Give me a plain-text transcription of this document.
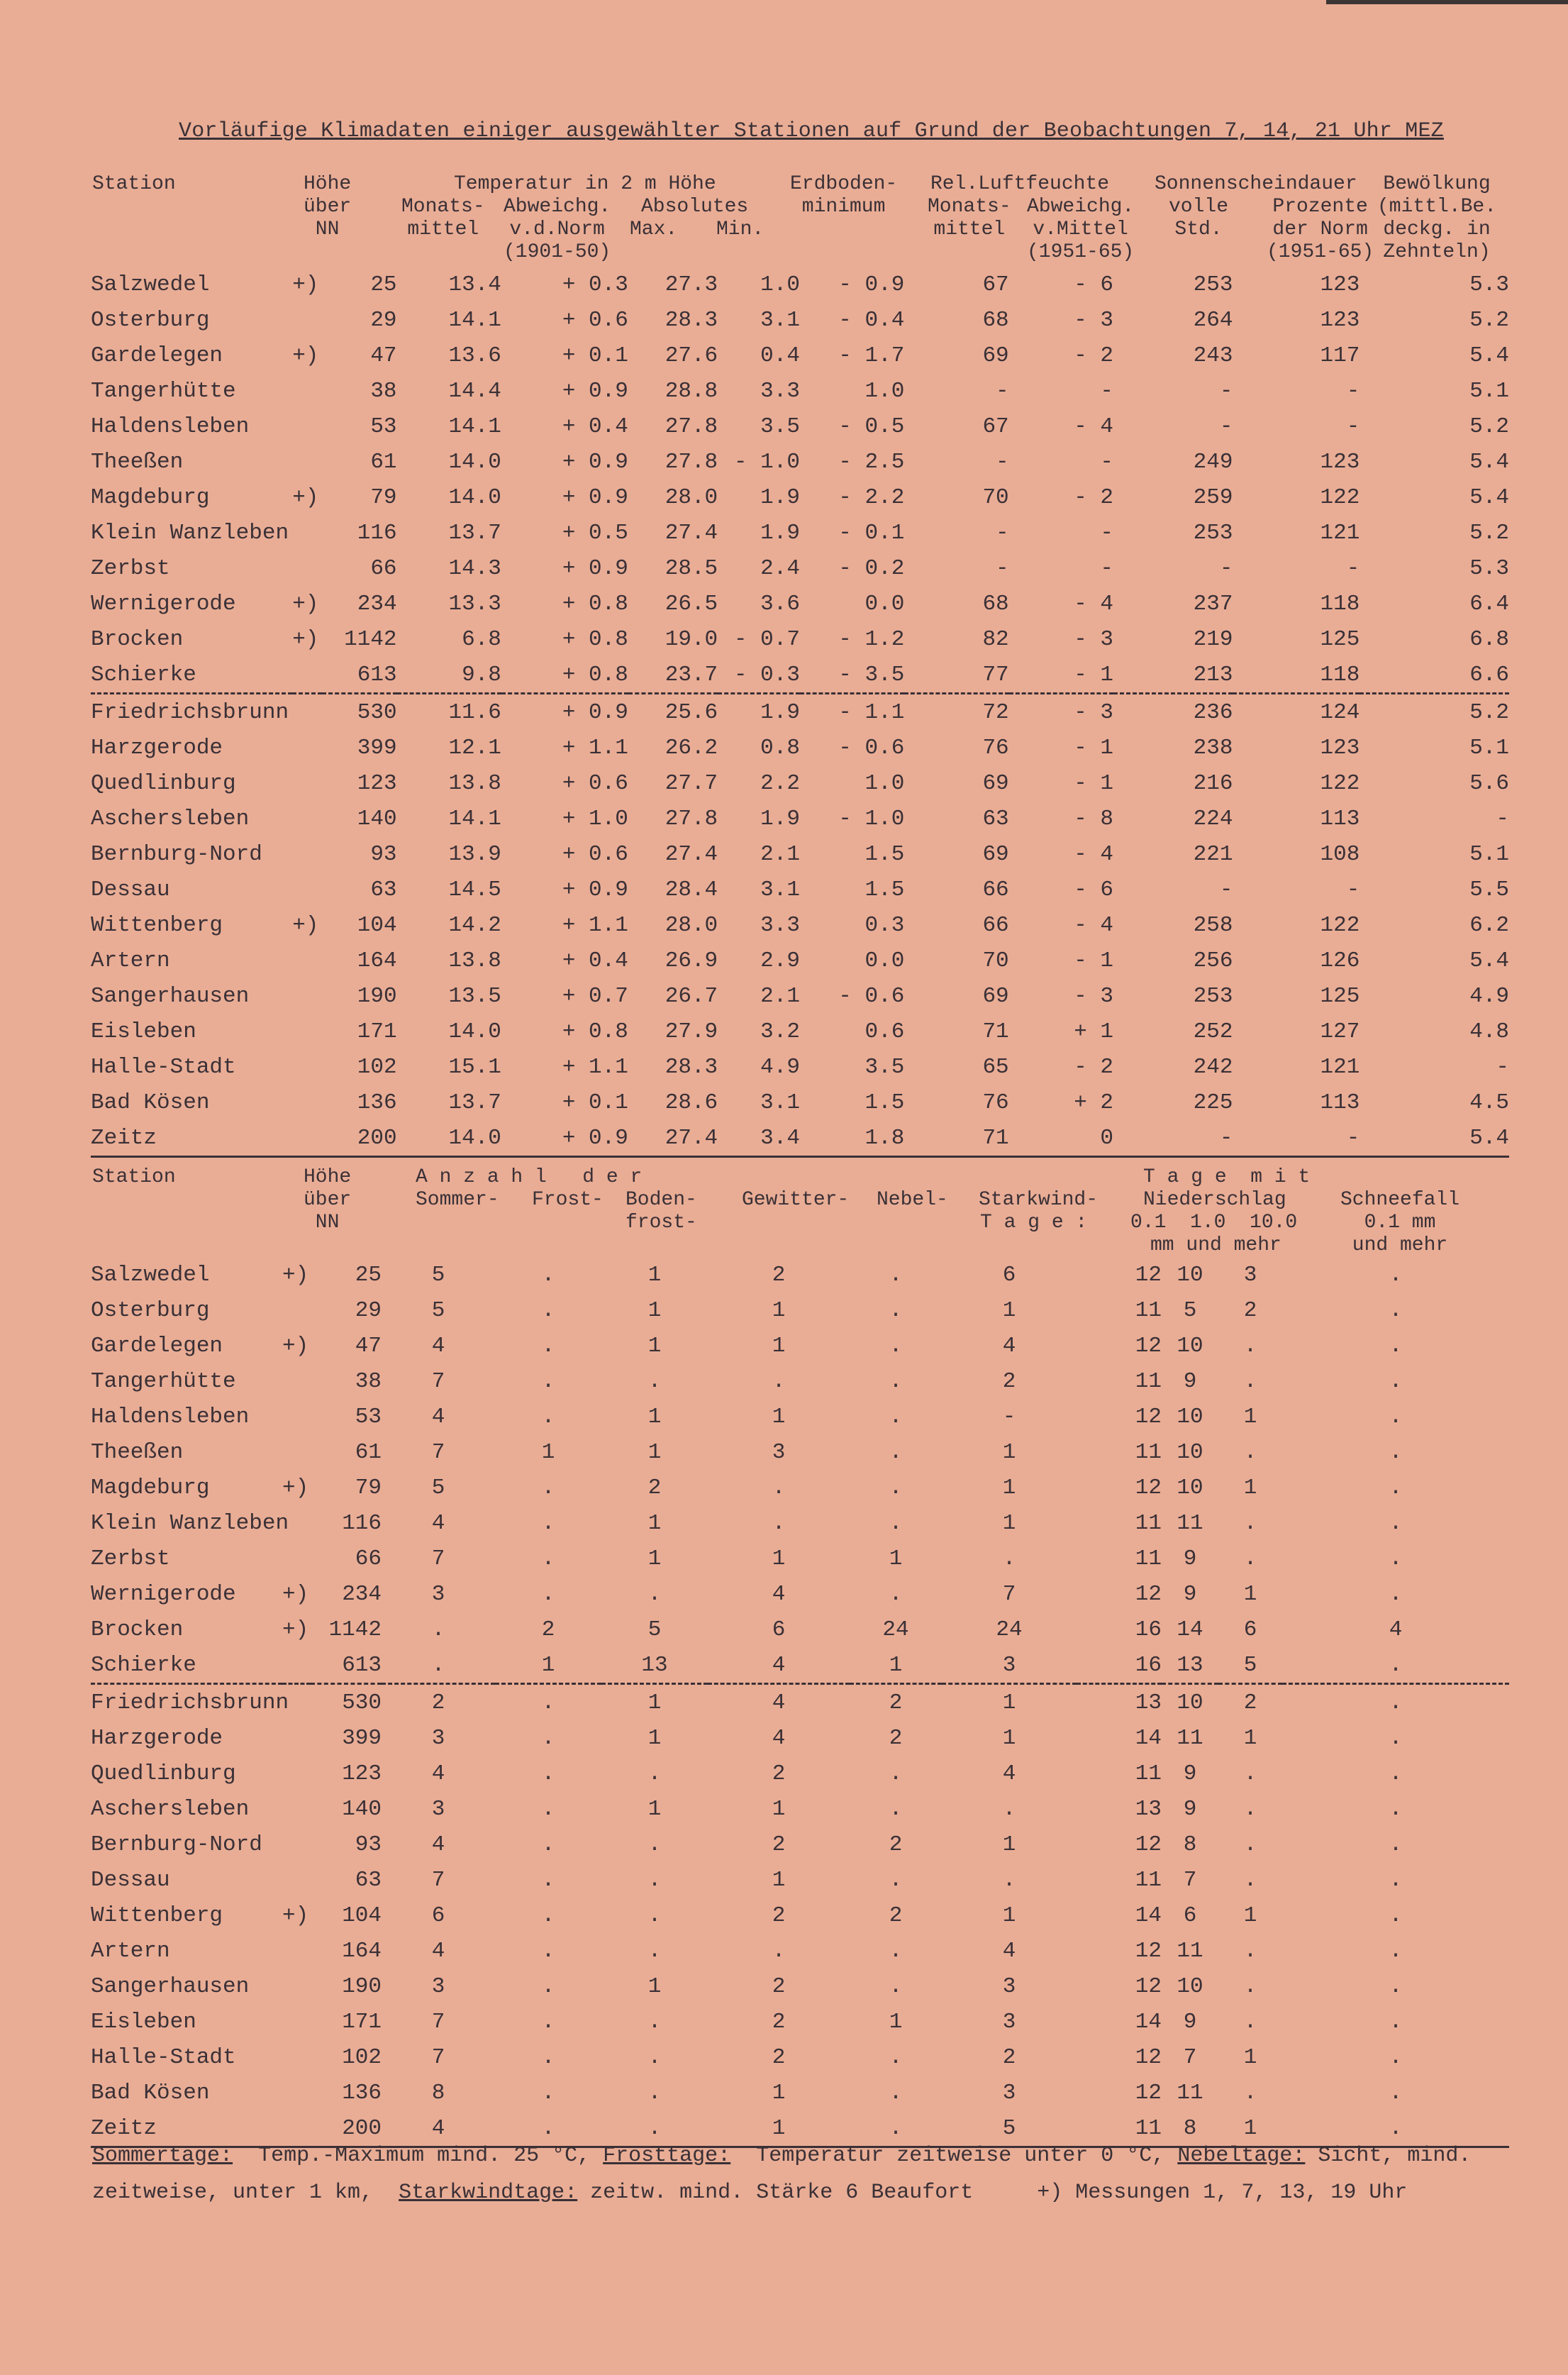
Vorläufige Klimadaten einiger ausgewählter Stationen auf Grund der Beobachtungen 7, 14, 21 Uhr MEZ
Station	Höhe
über
NN
Temperatur in 2 m Höhe
Monats-
mittel
Abweichg.
v.d.Norm
(1901-50)
Absolutes
Max. Min.
Erdboden-
minimum
Rel.Luftfeuchte
Monats-
mittel
Abweichg.
v.Mittel
(1951-65)
Sonnenscheindauer
volle
Std.
Prozente
der Norm
(1951-65)
Bewölkung
(mittl.Be.
deckg. in
Zehnteln)
Salzwedel	+)	25	13.4	+ 0.3	27.3	1.0	- 0.9	67	- 6	253	123	5.3
Osterburg		29	14.1	+ 0.6	28.3	3.1	- 0.4	68	- 3	264	123	5.2
Gardelegen	+)	47	13.6	+ 0.1	27.6	0.4	- 1.7	69	- 2	243	117	5.4
Tangerhütte		38	14.4	+ 0.9	28.8	3.3	1.0	-	-	-	-	5.1
Haldensleben		53	14.1	+ 0.4	27.8	3.5	- 0.5	67	- 4	-	-	5.2
Theeßen		61	14.0	+ 0.9	27.8	- 1.0	- 2.5	-	-	249	123	5.4
Magdeburg	+)	79	14.0	+ 0.9	28.0	1.9	- 2.2	70	- 2	259	122	5.4
Klein Wanzleben		116	13.7	+ 0.5	27.4	1.9	- 0.1	-	-	253	121	5.2
Zerbst		66	14.3	+ 0.9	28.5	2.4	- 0.2	-	-	-	-	5.3
Wernigerode	+)	234	13.3	+ 0.8	26.5	3.6	0.0	68	- 4	237	118	6.4
Brocken	+)	1142	6.8	+ 0.8	19.0	- 0.7	- 1.2	82	- 3	219	125	6.8
Schierke		613	9.8	+ 0.8	23.7	- 0.3	- 3.5	77	- 1	213	118	6.6
Friedrichsbrunn		530	11.6	+ 0.9	25.6	1.9	- 1.1	72	- 3	236	124	5.2
Harzgerode		399	12.1	+ 1.1	26.2	0.8	- 0.6	76	- 1	238	123	5.1
Quedlinburg		123	13.8	+ 0.6	27.7	2.2	1.0	69	- 1	216	122	5.6
Aschersleben		140	14.1	+ 1.0	27.8	1.9	- 1.0	63	- 8	224	113	-
Bernburg-Nord		93	13.9	+ 0.6	27.4	2.1	1.5	69	- 4	221	108	5.1
Dessau		63	14.5	+ 0.9	28.4	3.1	1.5	66	- 6	-	-	5.5
Wittenberg	+)	104	14.2	+ 1.1	28.0	3.3	0.3	66	- 4	258	122	6.2
Artern		164	13.8	+ 0.4	26.9	2.9	0.0	70	- 1	256	126	5.4
Sangerhausen		190	13.5	+ 0.7	26.7	2.1	- 0.6	69	- 3	253	125	4.9
Eisleben		171	14.0	+ 0.8	27.9	3.2	0.6	71	+ 1	252	127	4.8
Halle-Stadt		102	15.1	+ 1.1	28.3	4.9	3.5	65	- 2	242	121	-
Bad Kösen		136	13.7	+ 0.1	28.6	3.1	1.5	76	+ 2	225	113	4.5
Zeitz		200	14.0	+ 0.9	27.4	3.4	1.8	71	0	-	-	5.4
Station	Höhe
über
NN
A n z a h l   d e r
Sommer- Frost- Boden-
frost-
Gewitter- Nebel- Starkwind-
T a g e :
T a g e  m i t
Niederschlag
0.1  1.0  10.0
mm und mehr
Schneefall
0.1 mm
und mehr
Salzwedel	+)	25	5	.	1	2	.	6	12	10	3	.
Osterburg		29	5	.	1	1	.	1	11	5	2	.
Gardelegen	+)	47	4	.	1	1	.	4	12	10	.	.
Tangerhütte		38	7	.	.	.	.	2	11	9	.	.
Haldensleben		53	4	.	1	1	.	-	12	10	1	.
Theeßen		61	7	1	1	3	.	1	11	10	.	.
Magdeburg	+)	79	5	.	2	.	.	1	12	10	1	.
Klein Wanzleben		116	4	.	1	.	.	1	11	11	.	.
Zerbst		66	7	.	1	1	1	.	11	9	.	.
Wernigerode	+)	234	3	.	.	4	.	7	12	9	1	.
Brocken	+)	1142	.	2	5	6	24	24	16	14	6	4
Schierke		613	.	1	13	4	1	3	16	13	5	.
Friedrichsbrunn		530	2	.	1	4	2	1	13	10	2	.
Harzgerode		399	3	.	1	4	2	1	14	11	1	.
Quedlinburg		123	4	.	.	2	.	4	11	9	.	.
Aschersleben		140	3	.	1	1	.	.	13	9	.	.
Bernburg-Nord		93	4	.	.	2	2	1	12	8	.	.
Dessau		63	7	.	.	1	.	.	11	7	.	.
Wittenberg	+)	104	6	.	.	2	2	1	14	6	1	.
Artern		164	4	.	.	.	.	4	12	11	.	.
Sangerhausen		190	3	.	1	2	.	3	12	10	.	.
Eisleben		171	7	.	.	2	1	3	14	9	.	.
Halle-Stadt		102	7	.	.	2	.	2	12	7	1	.
Bad Kösen		136	8	.	.	1	.	3	12	11	.	.
Zeitz		200	4	.	.	1	.	5	11	8	1	.
Sommertage: Temp.-Maximum mind. 25 °C, Frosttage: Temperatur zeitweise unter 0 °C, Nebeltage: Sicht, mind.
zeitweise, unter 1 km, Starkwindtage: zeitw. mind. Stärke 6 Beaufort	+) Messungen 1, 7, 13, 19 Uhr
